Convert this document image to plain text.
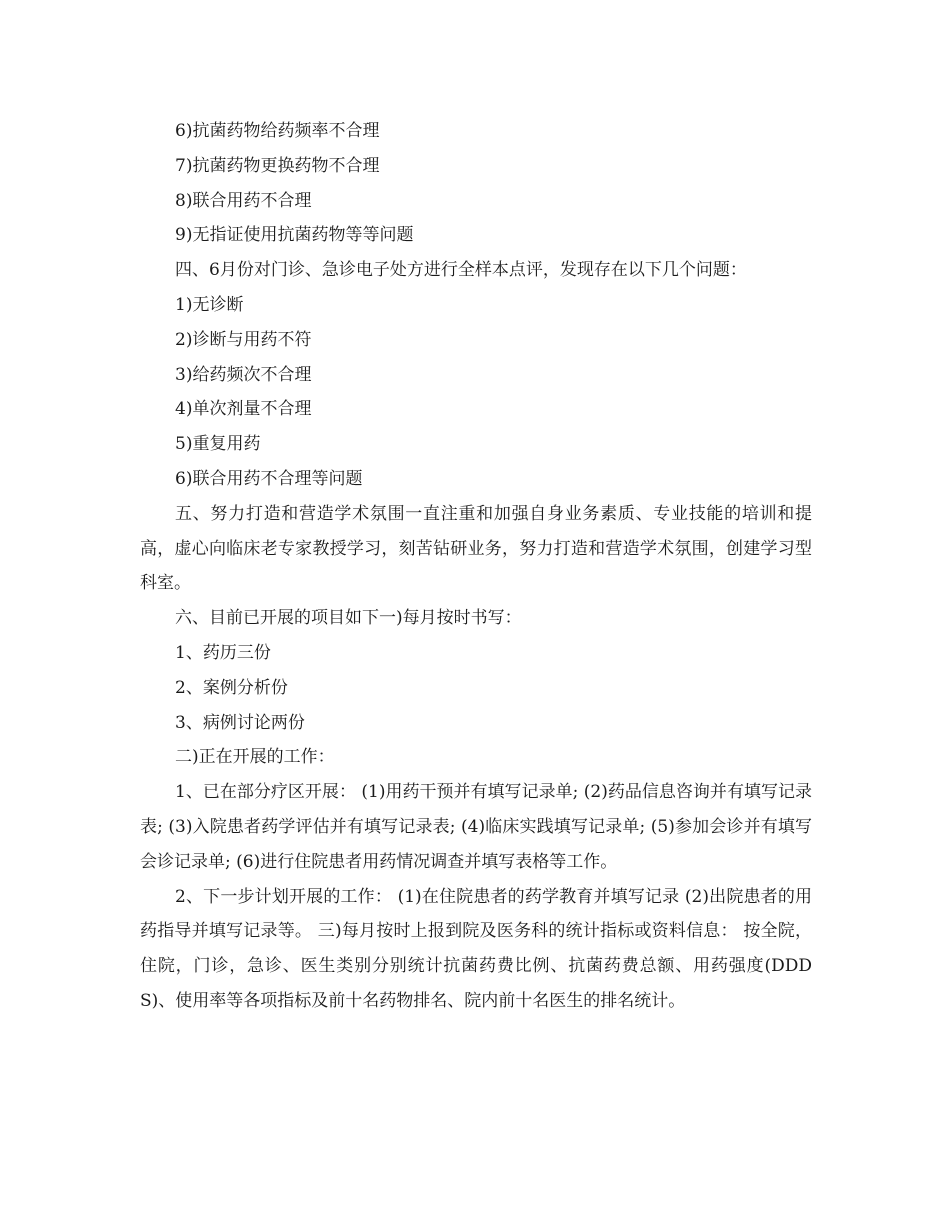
6)抗菌药物给药频率不合理

7)抗菌药物更换药物不合理

8)联合用药不合理

9)无指证使用抗菌药物等等问题

四、6月份对门诊、急诊电子处方进行全样本点评，发现存在以下几个问题：

1)无诊断

2)诊断与用药不符

3)给药频次不合理

4)单次剂量不合理

5)重复用药

6)联合用药不合理等问题

五、努力打造和营造学术氛围一直注重和加强自身业务素质、专业技能的培训和提高，虚心向临床老专家教授学习，刻苦钻研业务，努力打造和营造学术氛围，创建学习型科室。

六、目前已开展的项目如下一)每月按时书写：

1、药历三份

2、案例分析份

3、病例讨论两份

二)正在开展的工作：

1、已在部分疗区开展： (1)用药干预并有填写记录单; (2)药品信息咨询并有填写记录表; (3)入院患者药学评估并有填写记录表; (4)临床实践填写记录单; (5)参加会诊并有填写会诊记录单; (6)进行住院患者用药情况调查并填写表格等工作。

2、下一步计划开展的工作： (1)在住院患者的药学教育并填写记录 (2)出院患者的用药指导并填写记录等。 三)每月按时上报到院及医务科的统计指标或资料信息： 按全院，住院，门诊，急诊、医生类别分别统计抗菌药费比例、抗菌药费总额、用药强度(DDDS)、使用率等各项指标及前十名药物排名、院内前十名医生的排名统计。
